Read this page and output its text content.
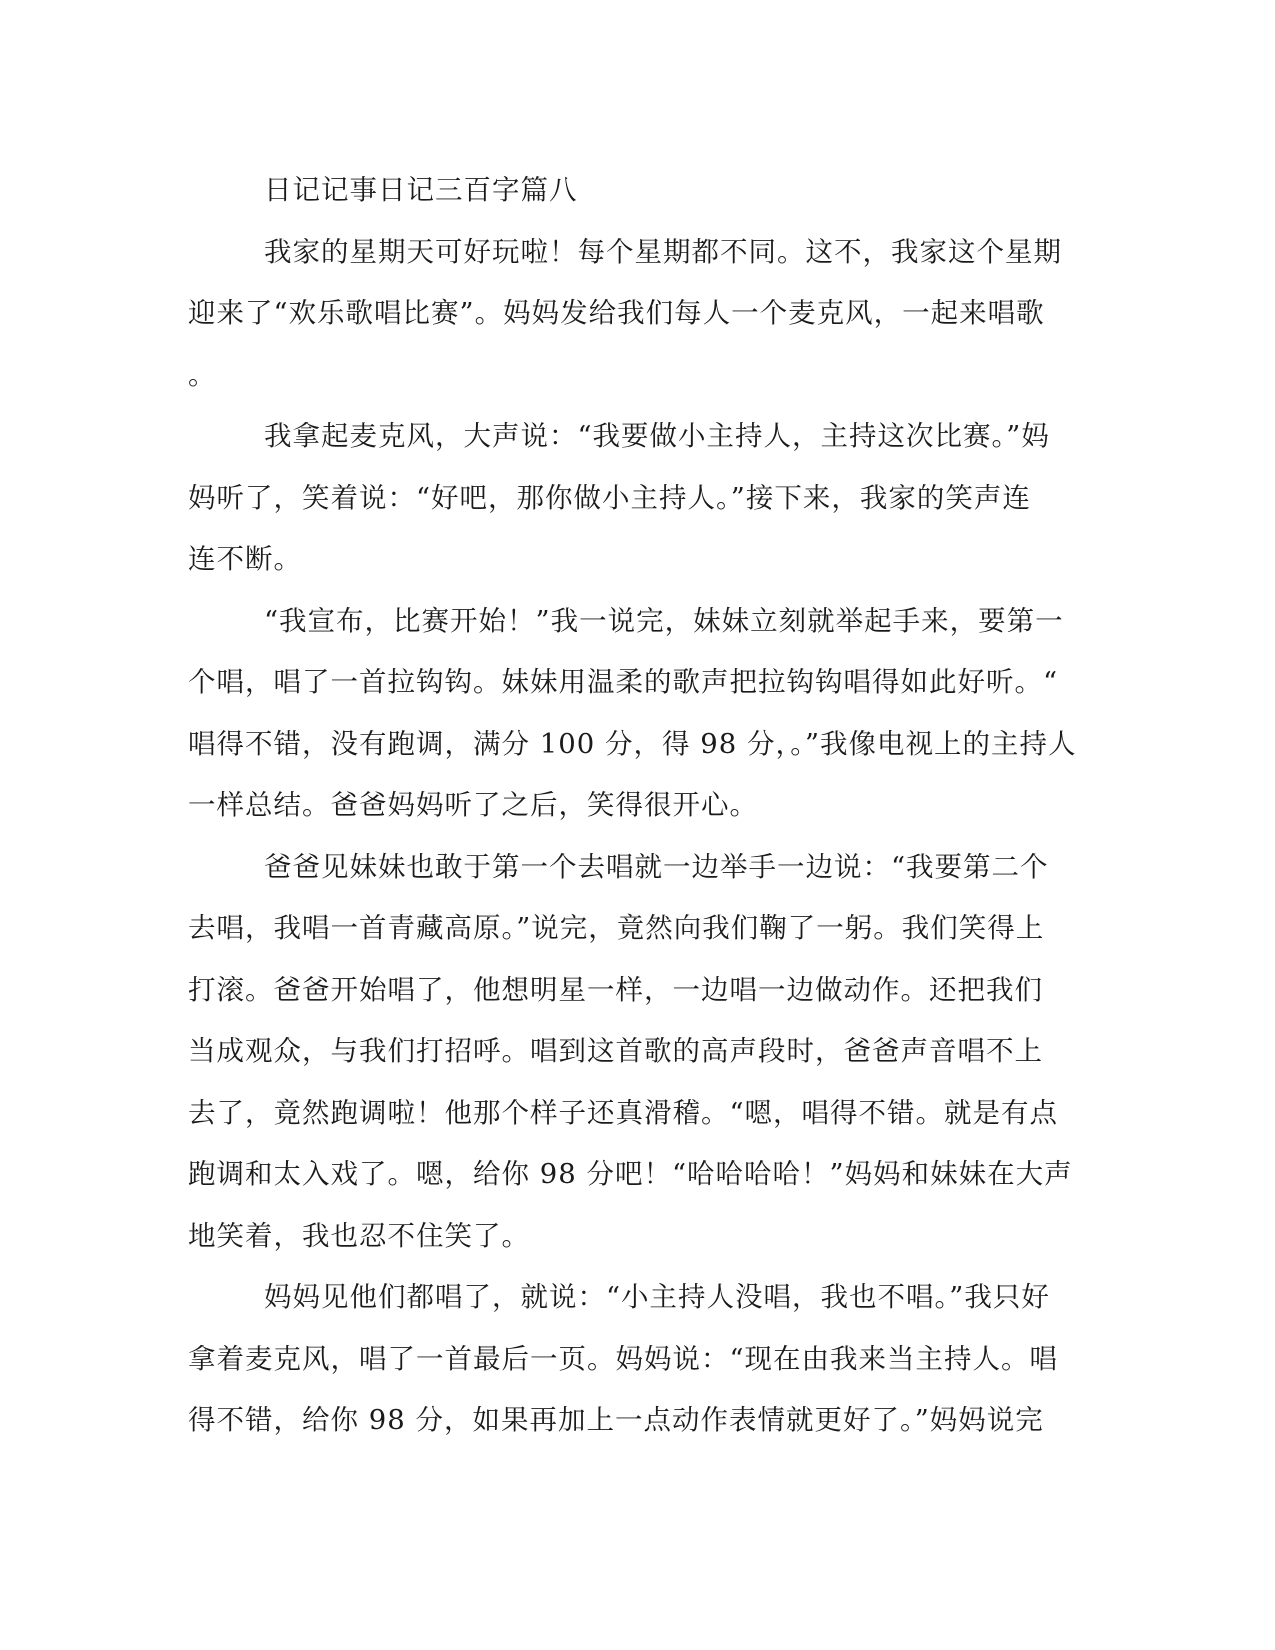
日记记事日记三百字篇八
我家的星期天可好玩啦！每个星期都不同。这不，我家这个星期
迎来了“欢乐歌唱比赛”。妈妈发给我们每人一个麦克风，一起来唱歌
。
我拿起麦克风，大声说：“我要做小主持人，主持这次比赛。”妈
妈听了，笑着说：“好吧，那你做小主持人。”接下来，我家的笑声连
连不断。
“我宣布，比赛开始！”我一说完，妹妹立刻就举起手来，要第一
个唱，唱了一首拉钩钩。妹妹用温柔的歌声把拉钩钩唱得如此好听。“
唱得不错，没有跑调，满分 100 分，得 98 分，。”我像电视上的主持人
一样总结。爸爸妈妈听了之后，笑得很开心。
爸爸见妹妹也敢于第一个去唱就一边举手一边说：“我要第二个
去唱，我唱一首青藏高原。”说完，竟然向我们鞠了一躬。我们笑得上
打滚。爸爸开始唱了，他想明星一样，一边唱一边做动作。还把我们
当成观众，与我们打招呼。唱到这首歌的高声段时，爸爸声音唱不上
去了，竟然跑调啦！他那个样子还真滑稽。“嗯，唱得不错。就是有点
跑调和太入戏了。嗯，给你 98 分吧！“哈哈哈哈！”妈妈和妹妹在大声
地笑着，我也忍不住笑了。
妈妈见他们都唱了，就说：“小主持人没唱，我也不唱。”我只好
拿着麦克风，唱了一首最后一页。妈妈说：“现在由我来当主持人。唱
得不错，给你 98 分，如果再加上一点动作表情就更好了。”妈妈说完
